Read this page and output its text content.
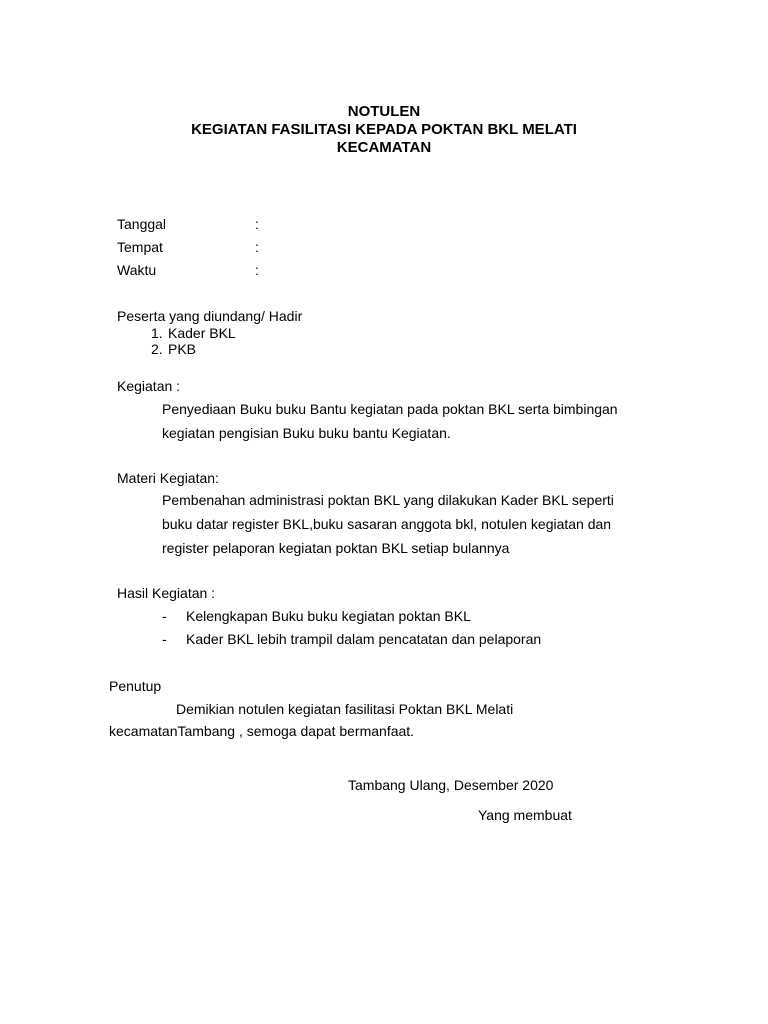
NOTULEN
KEGIATAN FASILITASI KEPADA POKTAN BKL MELATI
KECAMATAN
Tanggal	:
Tempat	:
Waktu	:
Peserta yang diundang/ Hadir
1. Kader BKL
2. PKB
Kegiatan :
Penyediaan Buku buku Bantu kegiatan pada poktan BKL serta bimbingan
kegiatan pengisian Buku buku bantu Kegiatan.
Materi Kegiatan:
Pembenahan administrasi poktan BKL yang dilakukan Kader BKL seperti
buku datar register BKL,buku sasaran anggota bkl, notulen kegiatan dan
register pelaporan kegiatan poktan BKL setiap bulannya
Hasil Kegiatan :
- Kelengkapan Buku buku kegiatan poktan BKL
- Kader BKL lebih trampil dalam pencatatan dan pelaporan
Penutup
Demikian notulen kegiatan fasilitasi Poktan BKL Melati
kecamatanTambang , semoga dapat bermanfaat.
Tambang Ulang, Desember 2020
Yang membuat
